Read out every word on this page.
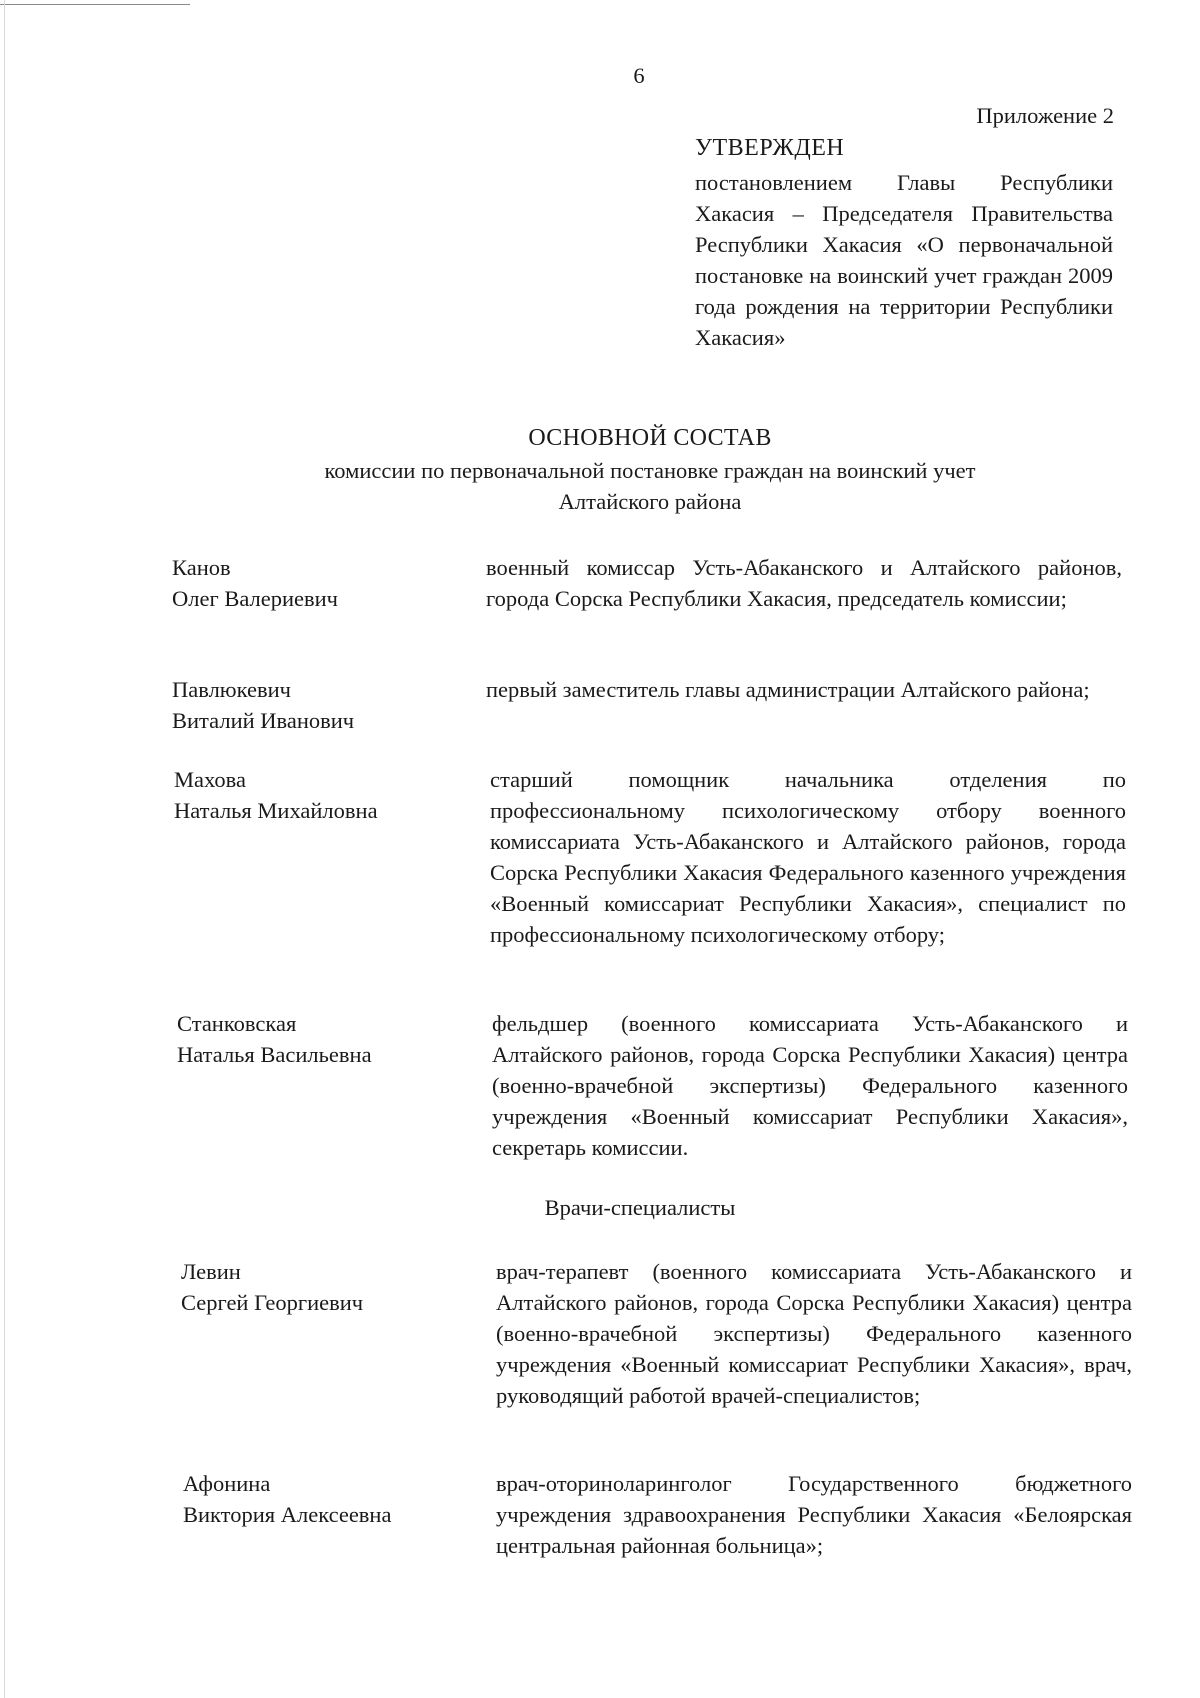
6
Приложение 2
УТВЕРЖДЕН
постановлением Главы Республики Хакасия – Председателя Правительства Республики Хакасия «О первоначальной постановке на воинский учет граждан 2009 года рождения на территории Республики Хакасия»
ОСНОВНОЙ СОСТАВ
комиссии по первоначальной постановке граждан на воинский учет
Алтайского района
Канов
Олег Валериевич
военный комиссар Усть-Абаканского и Алтайского районов, города Сорска Республики Хакасия, председатель комиссии;
Павлюкевич
Виталий Иванович
первый заместитель главы администрации Алтайского района;
Махова
Наталья Михайловна
старший помощник начальника отделения по профессиональному психологическому отбору военного комиссариата Усть-Абаканского и Алтайского районов, города Сорска Республики Хакасия Федерального казенного учреждения «Военный комиссариат Республики Хакасия», специалист по профессиональному психологическому отбору;
Станковская
Наталья Васильевна
фельдшер (военного комиссариата Усть-Абаканского и Алтайского районов, города Сорска Республики Хакасия) центра (военно-врачебной экспертизы) Федерального казенного учреждения «Военный комиссариат Республики Хакасия», секретарь комиссии.
Врачи-специалисты
Левин
Сергей Георгиевич
врач-терапевт (военного комиссариата Усть-Абаканского и Алтайского районов, города Сорска Республики Хакасия) центра (военно-врачебной экспертизы) Федерального казенного учреждения «Военный комиссариат Республики Хакасия», врач, руководящий работой врачей-специалистов;
Афонина
Виктория Алексеевна
врач-оториноларинголог Государственного бюджетного учреждения здравоохранения Республики Хакасия «Белоярская центральная районная больница»;
